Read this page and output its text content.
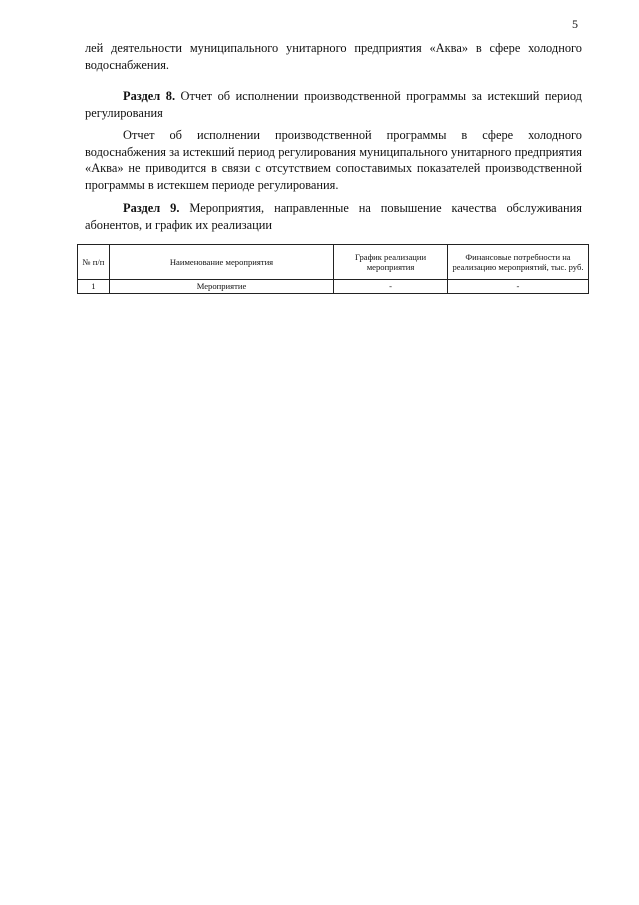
5

лей деятельности муниципального унитарного предприятия «Аква» в сфере холодного водоснабжения.

Раздел 8. Отчет об исполнении производственной программы за истекший период регулирования

Отчет об исполнении производственной программы в сфере холодного водоснабжения за истекший период регулирования муниципального унитарного предприятия «Аква» не приводится в связи с отсутствием сопоставимых показателей производственной программы в истекшем периоде регулирования.

Раздел 9. Мероприятия, направленные на повышение качества обслуживания абонентов, и график их реализации

№ п/п	Наименование мероприятия	График реализации мероприятия	Финансовые потребности на реализацию мероприятий, тыс. руб.
1	Мероприятие	-	-
